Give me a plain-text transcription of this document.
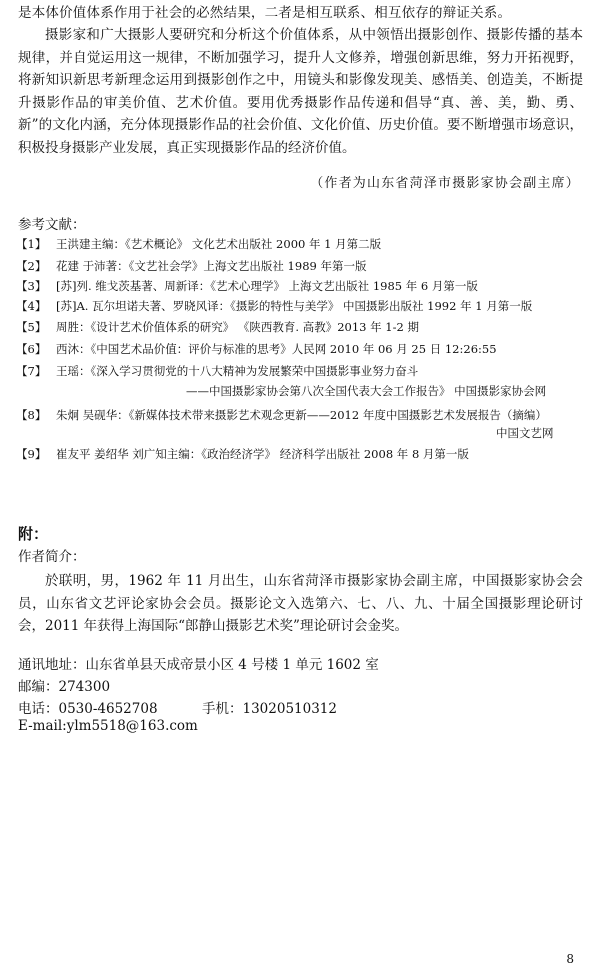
是本体价值体系作用于社会的必然结果，二者是相互联系、相互依存的辩证关系。
摄影家和广大摄影人要研究和分析这个价值体系，从中领悟出摄影创作、摄影传播的基本规律，并自觉运用这一规律，不断加强学习，提升人文修养，增强创新思维，努力开拓视野，将新知识新思考新理念运用到摄影创作之中，用镜头和影像发现美、感悟美、创造美，不断提升摄影作品的审美价值、艺术价值。要用优秀摄影作品传递和倡导“真、善、美，勤、勇、新”的文化内涵，充分体现摄影作品的社会价值、文化价值、历史价值。要不断增强市场意识，积极投身摄影产业发展，真正实现摄影作品的经济价值。
（作者为山东省菏泽市摄影家协会副主席）
参考文献：
【1】 王洪建主编：《艺术概论》 文化艺术出版社 2000 年 1 月第二版
【2】 花建 于沛著：《文艺社会学》上海文艺出版社 1989 年第一版
【3】 [苏]列. 维戈茨基著、周新译：《艺术心理学》 上海文艺出版社 1985 年 6 月第一版
【4】 [苏]A. 瓦尔坦诺夫著、罗晓风译：《摄影的特性与美学》 中国摄影出版社 1992 年 1 月第一版
【5】 周胜：《设计艺术价值体系的研究》 《陕西教育. 高教》2013 年 1-2 期
【6】 西沐：《中国艺术品价值：评价与标准的思考》人民网 2010 年 06 月 25 日 12:26:55
【7】 王瑶：《深入学习贯彻党的十八大精神为发展繁荣中国摄影事业努力奋斗
——中国摄影家协会第八次全国代表大会工作报告》 中国摄影家协会网
【8】 朱炯 吴砚华：《新媒体技术带来摄影艺术观念更新——2012 年度中国摄影艺术发展报告（摘编）
中国文艺网
【9】 崔友平 姜绍华 刘广知主编：《政治经济学》 经济科学出版社 2008 年 8 月第一版
附：
作者简介：
於联明，男，1962 年 11 月出生，山东省菏泽市摄影家协会副主席，中国摄影家协会会员，山东省文艺评论家协会会员。摄影论文入选第六、七、八、九、十届全国摄影理论研讨会，2011 年获得上海国际“郎静山摄影艺术奖”理论研讨会金奖。
通讯地址：山东省单县天成帝景小区 4 号楼 1 单元 1602 室
邮编：274300
电话：0530-4652708	手机：13020510312
E-mail:ylm5518@163.com
8
